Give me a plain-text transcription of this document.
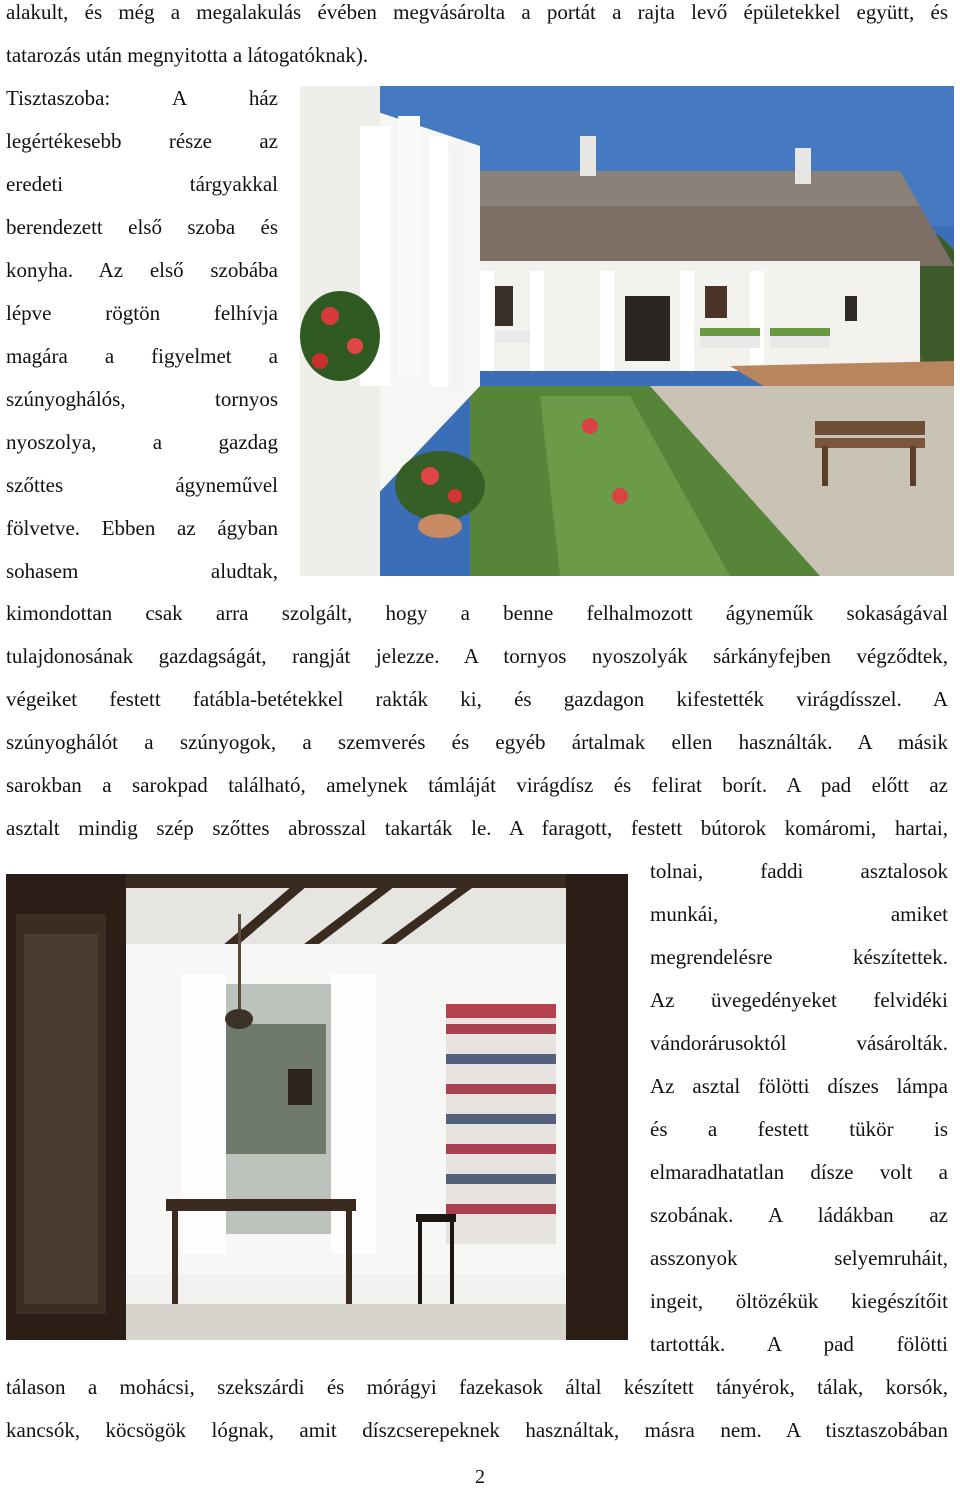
alakult, és még a megalakulás évében megvásárolta a portát a rajta levő épületekkel együtt, és
tatarozás után megnyitotta a látogatóknak).
Tisztaszoba: A ház
legértékesebb része az
eredeti tárgyakkal
berendezett első szoba és
konyha. Az első szobába
lépve rögtön felhívja
magára a figyelmet a
szúnyoghálós, tornyos
nyoszolya, a gazdag
szőttes ágyneművel
fölvetve. Ebben az ágyban
sohasem aludtak,
kimondottan csak arra szolgált, hogy a benne felhalmozott ágyneműk sokaságával
tulajdonosának gazdagságát, rangját jelezze. A tornyos nyoszolyák sárkányfejben végződtek,
végeiket festett fatábla-betétekkel rakták ki, és gazdagon kifestették virágdísszel. A
szúnyoghálót a szúnyogok, a szemverés és egyéb ártalmak ellen használták. A másik
sarokban a sarokpad található, amelynek támláját virágdísz és felirat borít. A pad előtt az
asztalt mindig szép szőttes abrosszal takarták le. A faragott, festett bútorok komáromi, hartai,
tolnai, faddi asztalosok
munkái, amiket
megrendelésre készítettek.
Az üvegedényeket felvidéki
vándorárusoktól vásárolták.
Az asztal fölötti díszes lámpa
és a festett tükör is
elmaradhatatlan dísze volt a
szobának. A ládákban az
asszonyok selyemruháit,
ingeit, öltözékük kiegészítőit
tartották. A pad fölötti
tálason a mohácsi, szekszárdi és mórágyi fazekasok által készített tányérok, tálak, korsók,
kancsók, köcsögök lógnak, amit díszcserepeknek használtak, másra nem. A tisztaszobában
2
